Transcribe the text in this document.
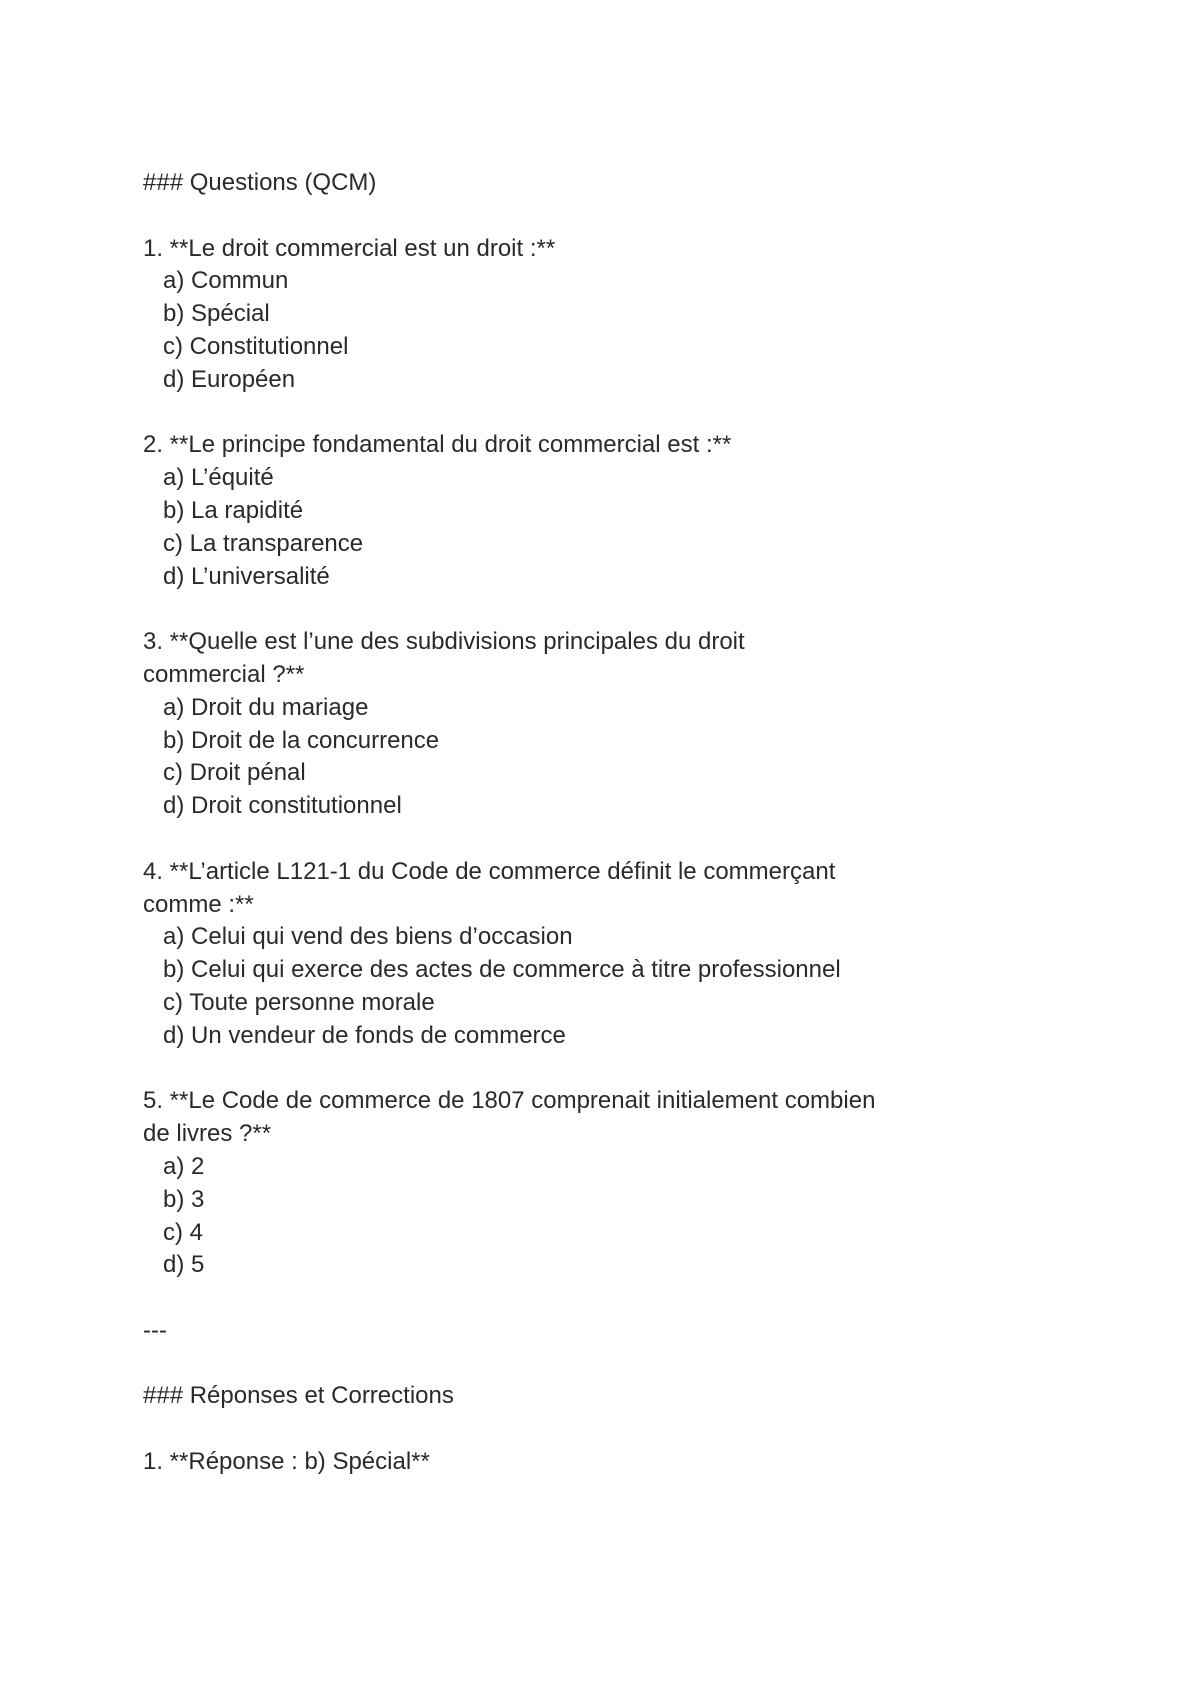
### Questions (QCM)
1. **Le droit commercial est un droit :**
a) Commun
b) Spécial
c) Constitutionnel
d) Européen
2. **Le principe fondamental du droit commercial est :**
a) L’équité
b) La rapidité
c) La transparence
d) L’universalité
3. **Quelle est l’une des subdivisions principales du droit
commercial ?**
a) Droit du mariage
b) Droit de la concurrence
c) Droit pénal
d) Droit constitutionnel
4. **L’article L121-1 du Code de commerce définit le commerçant
comme :**
a) Celui qui vend des biens d’occasion
b) Celui qui exerce des actes de commerce à titre professionnel
c) Toute personne morale
d) Un vendeur de fonds de commerce
5. **Le Code de commerce de 1807 comprenait initialement combien
de livres ?**
a) 2
b) 3
c) 4
d) 5
---
### Réponses et Corrections
1. **Réponse : b) Spécial**
